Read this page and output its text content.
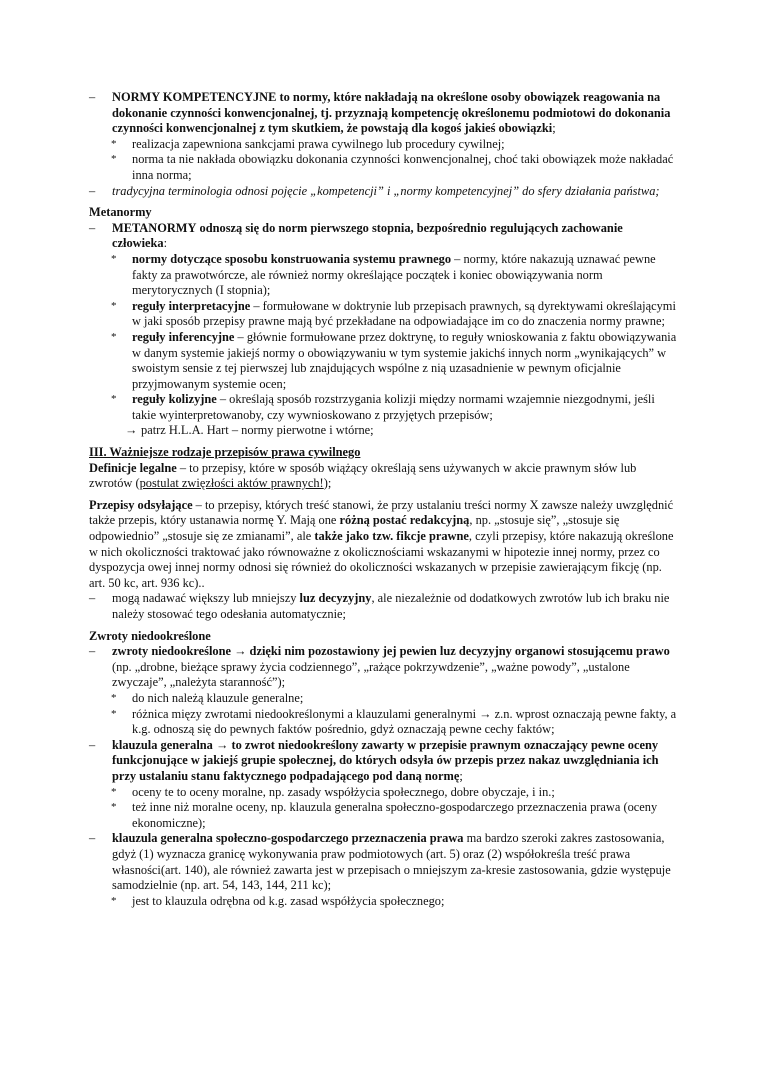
– NORMY KOMPETENCYJNE to normy, które nakładają na określone osoby obowiązek reagowania na dokonanie czynności konwencjonalnej, tj. przyznają kompetencję określonemu podmiotowi do dokonania czynności konwencjonalnej z tym skutkiem, że powstają dla kogoś jakieś obowiązki;
* realizacja zapewniona sankcjami prawa cywilnego lub procedury cywilnej;
* norma ta nie nakłada obowiązku dokonania czynności konwencjonalnej, choć taki obowiązek może nakładać inna norma;
– tradycyjna terminologia odnosi pojęcie „kompetencji” i „normy kompetencyjnej” do sfery działania państwa;

Metanormy

– METANORMY odnoszą się do norm pierwszego stopnia, bezpośrednio regulujących zachowanie człowieka:
* normy dotyczące sposobu konstruowania systemu prawnego – normy, które nakazują uznawać pewne fakty za prawotwórcze, ale również normy określające początek i koniec obowiązywania norm merytorycznych (I stopnia);
* reguły interpretacyjne – formułowane w doktrynie lub przepisach prawnych, są dyrektywami określającymi w jaki sposób przepisy prawne mają być przekładane na odpowiadające im co do znaczenia normy prawne;
* reguły inferencyjne – głównie formułowane przez doktrynę, to reguły wnioskowania z faktu obowiązywania w danym systemie jakiejś normy o obowiązywaniu w tym systemie jakichś innych norm „wynikających” w swoistym sensie z tej pierwszej lub znajdujących wspólne z nią uzasadnienie w pewnym oficjalnie przyjmowanym systemie ocen;
* reguły kolizyjne – określają sposób rozstrzygania kolizji między normami wzajemnie niezgodnymi, jeśli takie wyinterpretowanoby, czy wywnioskowano z przyjętych przepisów;
→ patrz H.L.A. Hart – normy pierwotne i wtórne;

III. Ważniejsze rodzaje przepisów prawa cywilnego

Definicje legalne – to przepisy, które w sposób wiążący określają sens używanych w akcie prawnym słów lub zwrotów (postulat zwięzłości aktów prawnych!);

Przepisy odsyłające – to przepisy, których treść stanowi, że przy ustalaniu treści normy X zawsze należy uwzględnić także przepis, który ustanawia normę Y. Mają one różną postać redakcyjną, np. „stosuje się”, „stosuje się odpowiednio” „stosuje się ze zmianami”, ale także jako tzw. fikcje prawne, czyli przepisy, które nakazują określone w nich okoliczności traktować jako równoważne z okolicznościami wskazanymi w hipotezie innej normy, przez co dyspozycja owej innej normy odnosi się również do okoliczności wskazanych w przepisie zawierającym fikcję (np. art. 50 kc, art. 936 kc)..

– mogą nadawać większy lub mniejszy luz decyzyjny, ale niezależnie od dodatkowych zwrotów lub ich braku nie należy stosować tego odesłania automatycznie;

Zwroty niedookreślone

– zwroty niedookreślone → dzięki nim pozostawiony jej pewien luz decyzyjny organowi stosującemu prawo (np. „drobne, bieżące sprawy życia codziennego”, „rażące pokrzywdzenie”, „ważne powody”, „ustalone zwyczaje”, „należyta staranność”);
* do nich należą klauzule generalne;
* różnica mięzy zwrotami niedookreślonymi a klauzulami generalnymi → z.n. wprost oznaczają pewne fakty, a k.g. odnoszą się do pewnych faktów pośrednio, gdyż oznaczają pewne cechy faktów;
– klauzula generalna → to zwrot niedookreślony zawarty w przepisie prawnym oznaczający pewne oceny funkcjonujące w jakiejś grupie społecznej, do których odsyła ów przepis przez nakaz uwzględniania ich przy ustalaniu stanu faktycznego podpadającego pod daną normę;
* oceny te to oceny moralne, np. zasady współżycia społecznego, dobre obyczaje, i in.;
* też inne niż moralne oceny, np. klauzula generalna społeczno-gospodarczego przeznaczenia prawa (oceny ekonomiczne);
– klauzula generalna społeczno-gospodarczego przeznaczenia prawa ma bardzo szeroki zakres zastosowania, gdyż (1) wyznacza granicę wykonywania praw podmiotowych (art. 5) oraz (2) współokreśla treść prawa własności(art. 140), ale również zawarta jest w przepisach o mniejszym za-kresie zastosowania, gdzie występuje samodzielnie (np. art. 54, 143, 144, 211 kc);
* jest to klauzula odrębna od k.g. zasad współżycia społecznego;
